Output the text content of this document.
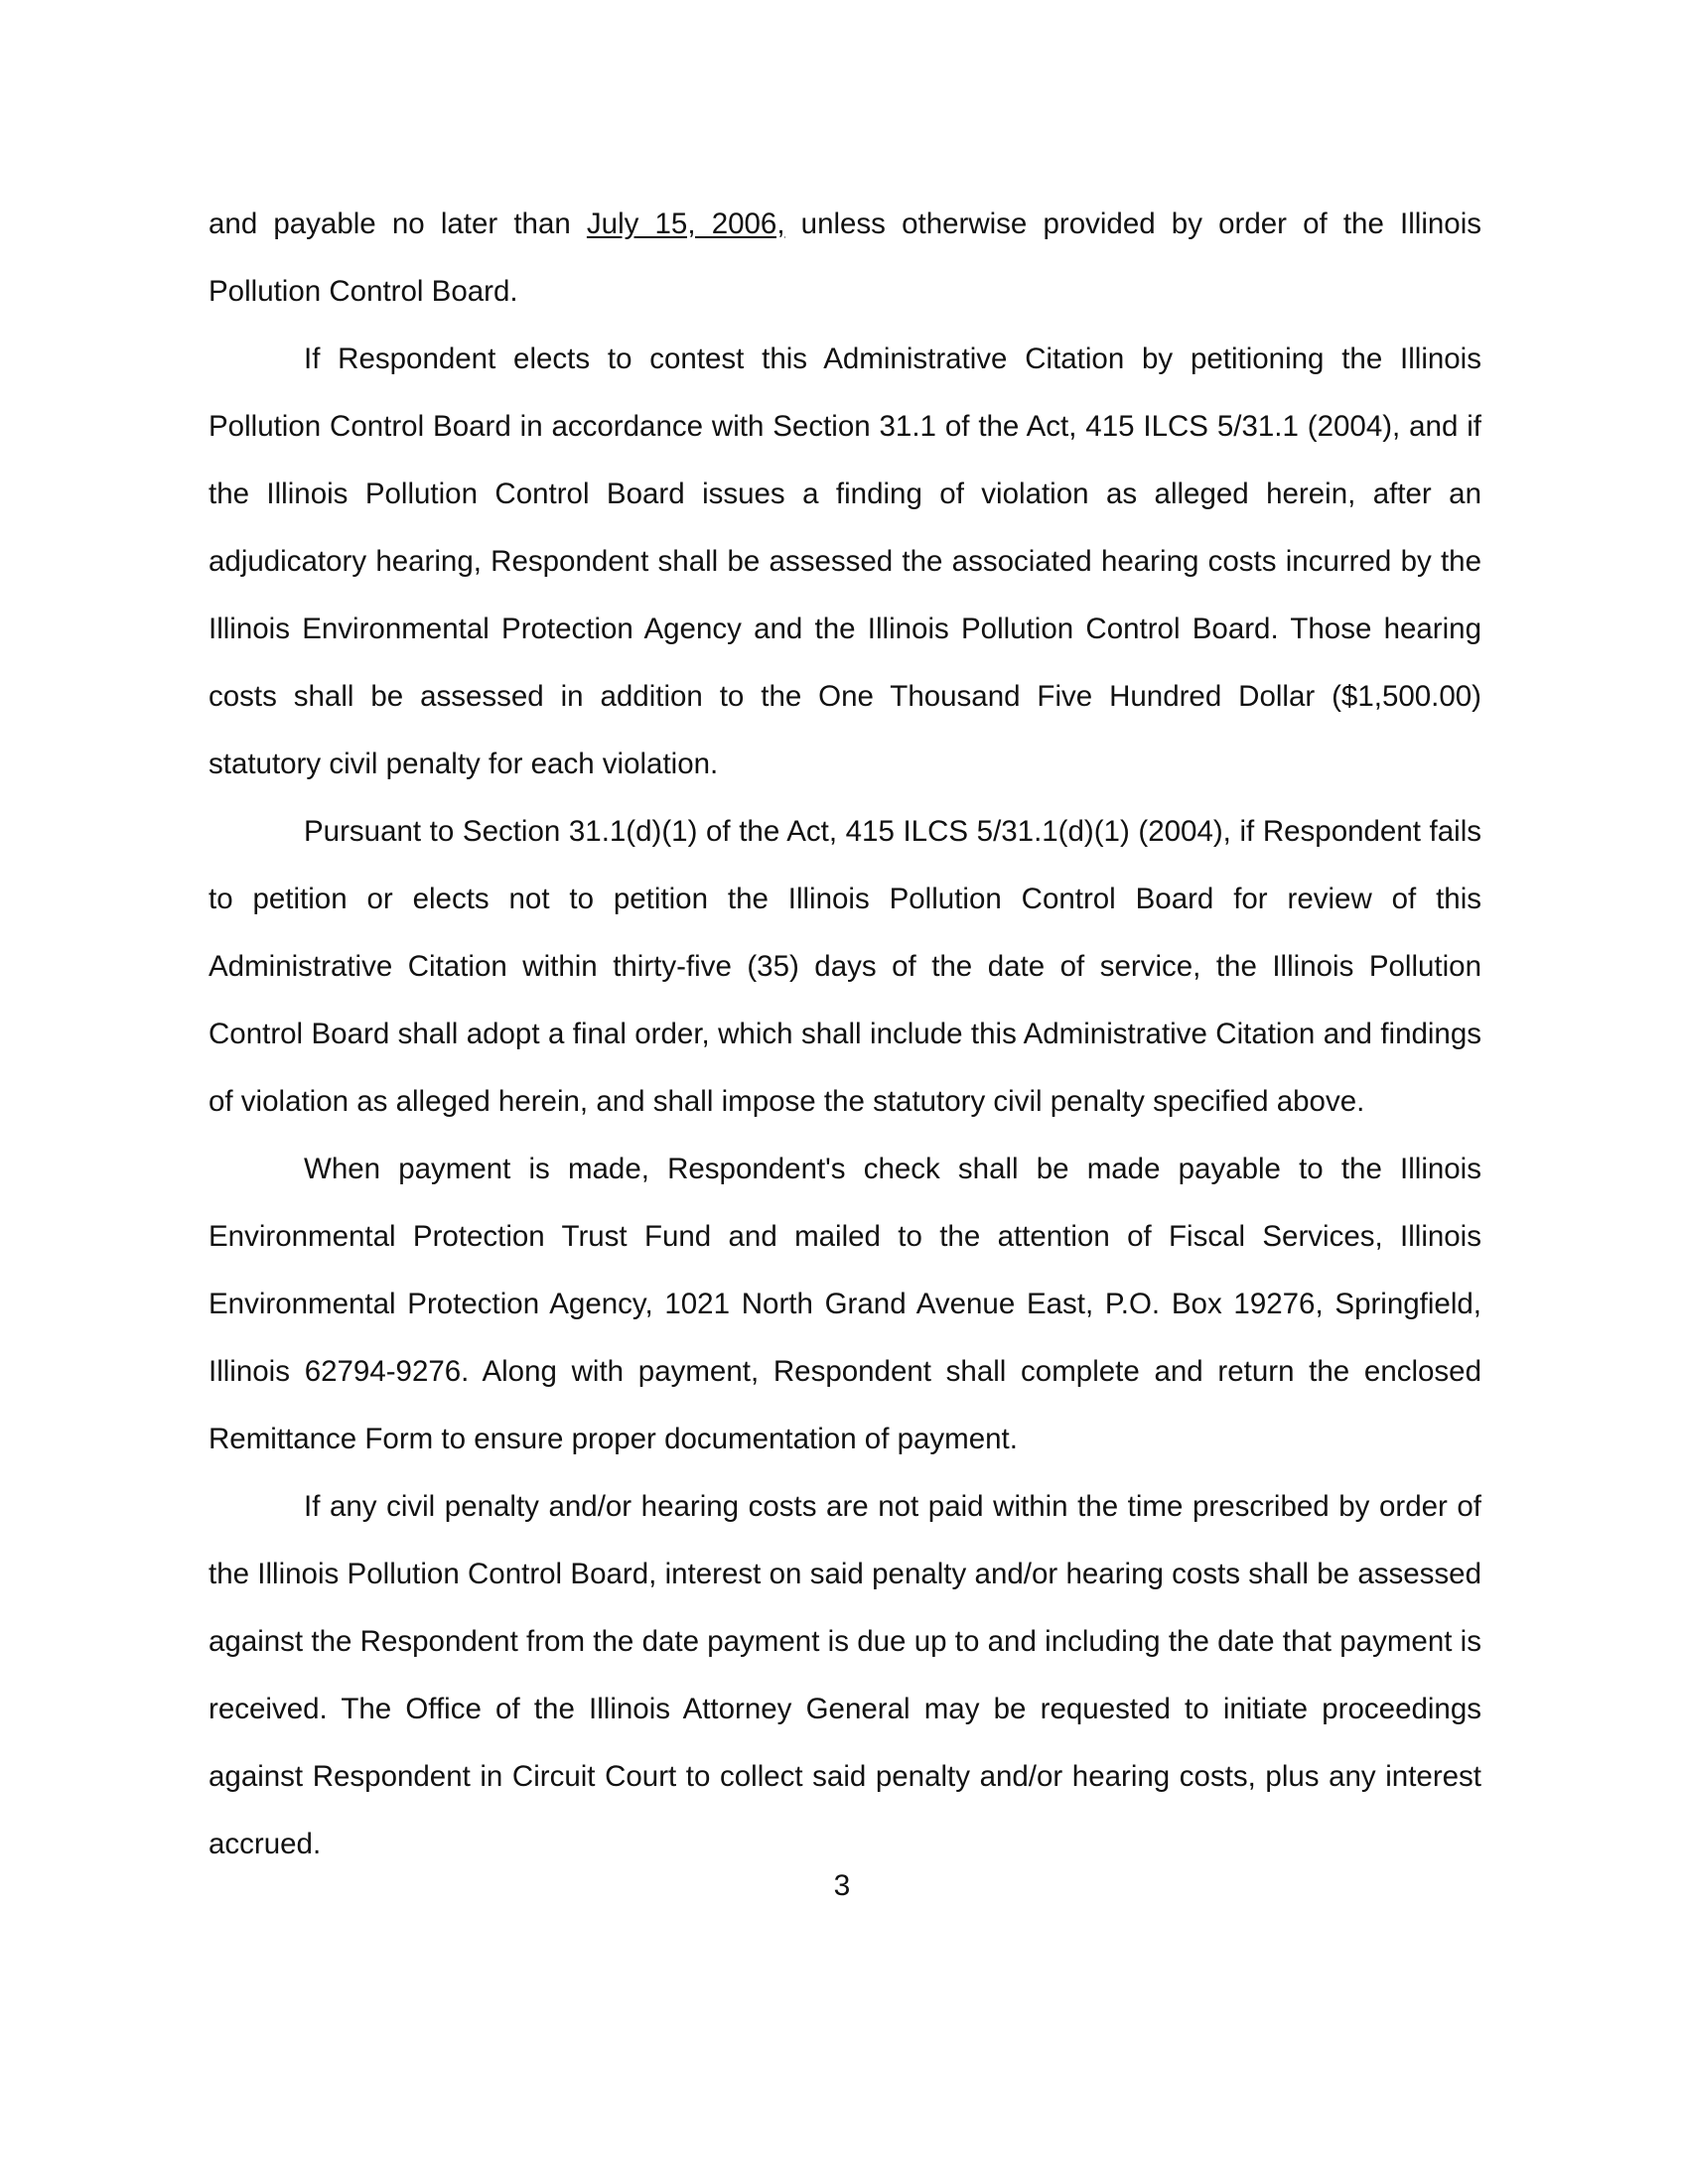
and payable no later than July 15, 2006, unless otherwise provided by order of the Illinois Pollution Control Board.

If Respondent elects to contest this Administrative Citation by petitioning the Illinois Pollution Control Board in accordance with Section 31.1 of the Act, 415 ILCS 5/31.1 (2004), and if the Illinois Pollution Control Board issues a finding of violation as alleged herein, after an adjudicatory hearing, Respondent shall be assessed the associated hearing costs incurred by the Illinois Environmental Protection Agency and the Illinois Pollution Control Board. Those hearing costs shall be assessed in addition to the One Thousand Five Hundred Dollar ($1,500.00) statutory civil penalty for each violation.

Pursuant to Section 31.1(d)(1) of the Act, 415 ILCS 5/31.1(d)(1) (2004), if Respondent fails to petition or elects not to petition the Illinois Pollution Control Board for review of this Administrative Citation within thirty-five (35) days of the date of service, the Illinois Pollution Control Board shall adopt a final order, which shall include this Administrative Citation and findings of violation as alleged herein, and shall impose the statutory civil penalty specified above.

When payment is made, Respondent's check shall be made payable to the Illinois Environmental Protection Trust Fund and mailed to the attention of Fiscal Services, Illinois Environmental Protection Agency, 1021 North Grand Avenue East, P.O. Box 19276, Springfield, Illinois 62794-9276. Along with payment, Respondent shall complete and return the enclosed Remittance Form to ensure proper documentation of payment.

If any civil penalty and/or hearing costs are not paid within the time prescribed by order of the Illinois Pollution Control Board, interest on said penalty and/or hearing costs shall be assessed against the Respondent from the date payment is due up to and including the date that payment is received. The Office of the Illinois Attorney General may be requested to initiate proceedings against Respondent in Circuit Court to collect said penalty and/or hearing costs, plus any interest accrued.

3
